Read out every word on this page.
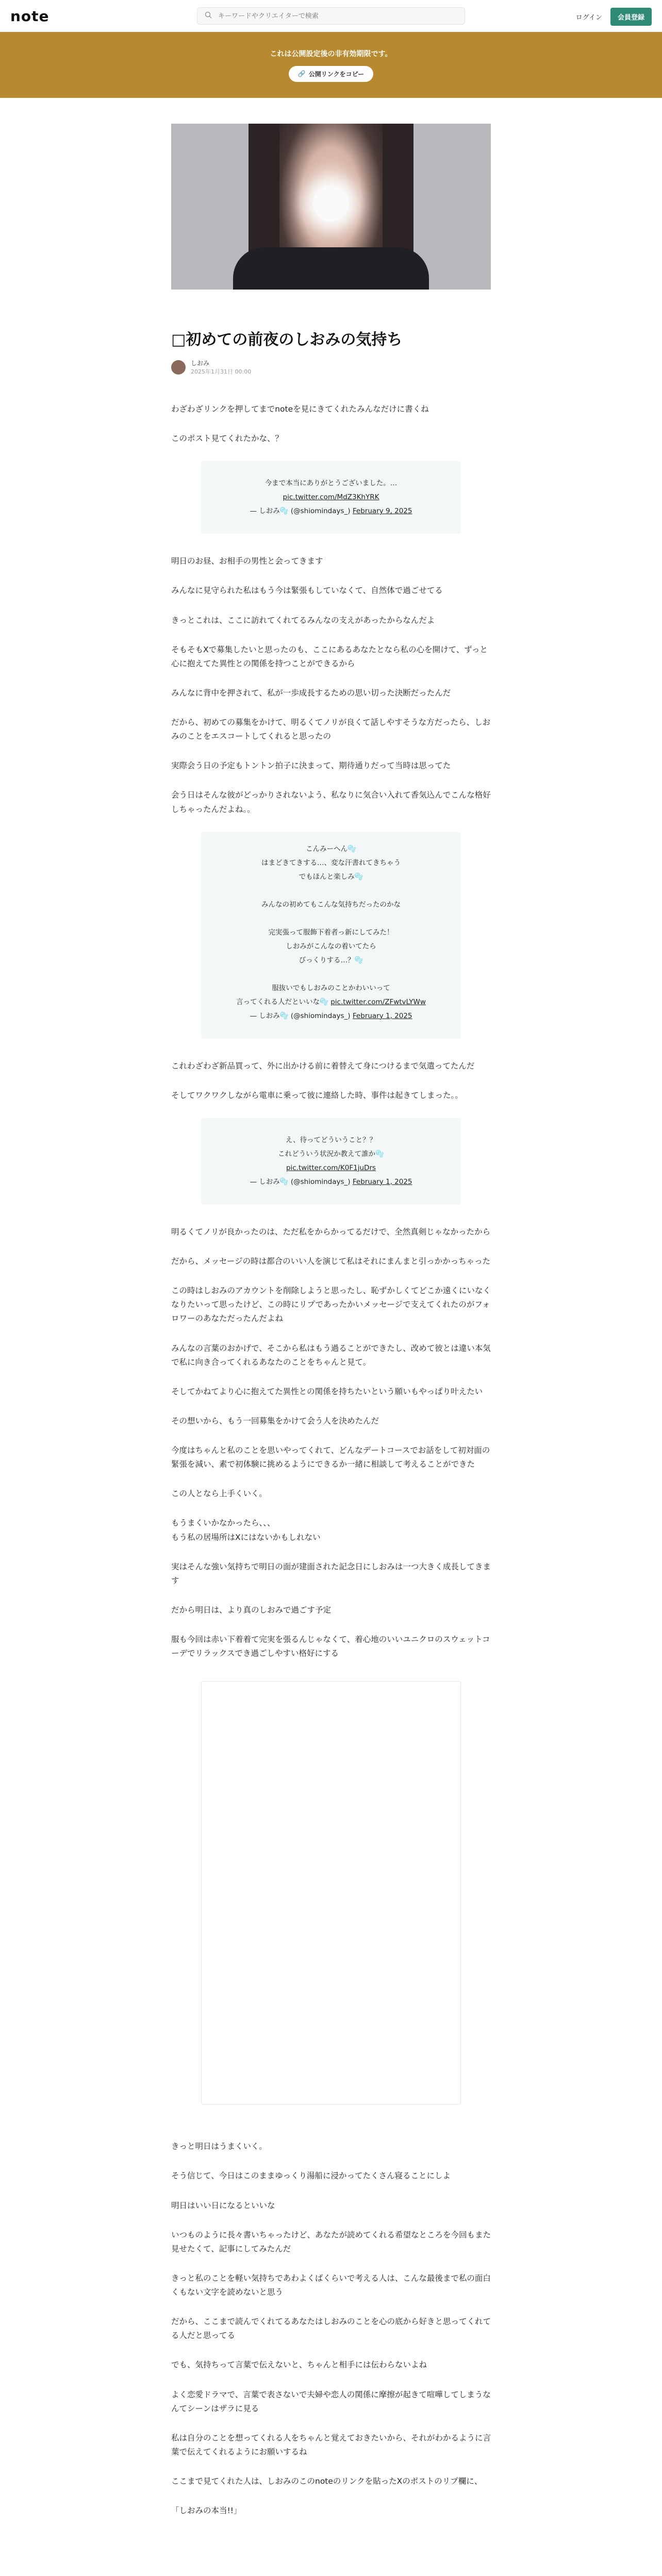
note
キーワードやクリエイターで検索	ログイン	会員登録
これは公開設定後の非有効期限です。
🔗 公開リンクをコピー
□初めての前夜のしおみの気持ち
しおみ
2025年1月31日 00:00
わざわざリンクを押してまでnoteを見にきてくれたみんなだけに書くね
このポスト見てくれたかな、？
今まで本当にありがとうございました。…
pic.twitter.com/MdZ3KhYRK
— しおみ🫧 (@shiomindays_) February 9, 2025
明日のお昼、お相手の男性と会ってきます
みんなに見守られた私はもう今は緊張もしていなくて、自然体で過ごせてる
きっとこれは、ここに訪れてくれてるみんなの支えがあったからなんだよ
そもそもXで募集したいと思ったのも、ここにあるあなたとなら私の心を開けて、ずっと心に抱えてた異性との関係を持つことができるから
みんなに背中を押されて、私が一歩成長するための思い切った決断だったんだ
だから、初めての募集をかけて、明るくてノリが良くて話しやすそうな方だったら、しおみのことをエスコートしてくれると思ったの
実際会う日の予定もトントン拍子に決まって、期待通りだって当時は思ってた
会う日はそんな彼がどっかりされないよう、私なりに気合い入れて香気込んでこんな格好しちゃったんだよね。。
こんみーへん🫧
はまどきてきする…、変な汗書れてきちゃう
でもほんと楽しみ🫧
みんなの初めてもこんな気持ちだったのかな
完実張って服飾下着者っ新にしてみた！
しおみがこんなの着いてたら
びっくりする…？🫧
服抜いでもしおみのことかわいいって
言ってくれる人だといいな🫧 pic.twitter.com/ZFwtvLYWw
— しおみ🫧 (@shiomindays_) February 1, 2025
これわざわざ新品買って、外に出かける前に着替えて身につけるまで気遣ってたんだ
そしてワクワクしながら電車に乗って彼に連絡した時、事件は起きてしまった。。
え、待ってどういうこと？？
これどういう状況か教えて誰か🫧
pic.twitter.com/K0F1juDrs
— しおみ🫧 (@shiomindays_) February 1, 2025
明るくてノリが良かったのは、ただ私をからかってるだけで、全然真剣じゃなかったから
だから、メッセージの時は都合のいい人を演じて私はそれにまんまと引っかかっちゃった
この時はしおみのアカウントを削除しようと思ったし、恥ずかしくてどこか遠くにいなくなりたいって思ったけど、この時にリプであったかいメッセージで支えてくれたのがフォロワーのあなただったんだよね
みんなの言葉のおかげで、そこから私はもう過ることができたし、改めて彼とは違い本気で私に向き合ってくれるあなたのことをちゃんと見て。
そしてかねてより心に抱えてた異性との関係を持ちたいという願いもやっぱり叶えたい
その想いから、もう一回募集をかけて会う人を決めたんだ
今度はちゃんと私のことを思いやってくれて、どんなデートコースでお話をして初対面の緊張を減い、素で初体験に挑めるようにできるか一緒に相談して考えることができた
この人となら上手くいく。
もうまくいかなかったら、、、
もう私の居場所はXにはないかもしれない
実はそんな強い気持ちで明日の面が建面された記念日にしおみは一つ大きく成長してきます
だから明日は、より真のしおみで過ごす予定
服も今回は赤い下着着て完実を張るんじゃなくて、着心地のいいユニクロのスウェットコーデでリラックスでき過ごしやすい格好にする
きっと明日はうまくいく。
そう信じて、今日はこのままゆっくり湯船に浸かってたくさん寝ることにしよ
明日はいい日になるといいな
いつものように長々書いちゃったけど、あなたが読めてくれる希望なところを今回もまた見せたくて、記事にしてみたんだ
きっと私のことを軽い気持ちであわよくばくらいで考える人は、こんな最後まで私の面白くもない文字を読めないと思う
だから、ここまで読んでくれてるあなたはしおみのことを心の底から好きと思ってくれてる人だと思ってる
でも、気持ちって言葉で伝えないと、ちゃんと相手には伝わらないよね
よく恋愛ドラマで、言葉で表さないで夫婦や恋人の関係に摩擦が起きて喧嘩してしまうなんてシーンはザラに見る
私は自分のことを想ってくれる人をちゃんと覚えておきたいから、それがわかるように言葉で伝えてくれるようにお願いするね
ここまで見てくれた人は、しおみのこのnoteのリンクを貼ったXのポストのリプ欄に、
「しおみの本当!!」
